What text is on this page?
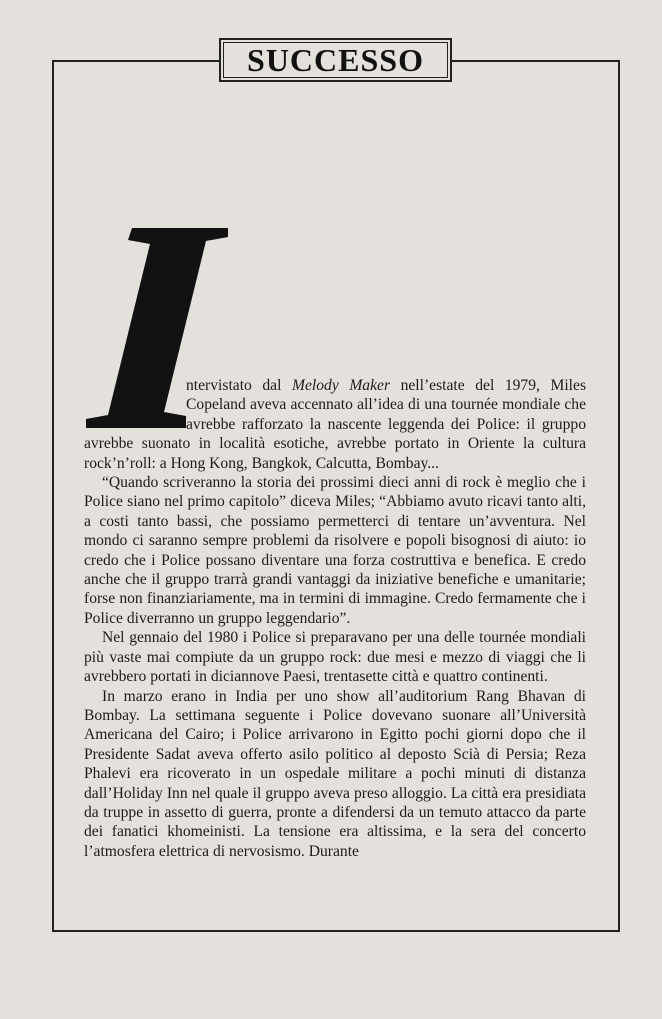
SUCCESSO

ntervistato dal Melody Maker nell’estate del 1979, Miles Copeland aveva accennato all’idea di una tournée mondiale che avrebbe rafforzato la nascente leggenda dei Police: il gruppo avrebbe suonato in località esotiche, avrebbe portato in Oriente la cultura rock’n’roll: a Hong Kong, Bangkok, Calcutta, Bombay...

“Quando scriveranno la storia dei prossimi dieci anni di rock è meglio che i Police siano nel primo capitolo” diceva Miles; “Abbiamo avuto ricavi tanto alti, a costi tanto bassi, che possiamo permetterci di tentare un’avventura. Nel mondo ci saranno sempre problemi da risolvere e popoli bisognosi di aiuto: io credo che i Police possano diventare una forza costruttiva e benefica. E credo anche che il gruppo trarrà grandi vantaggi da iniziative benefiche e umanitarie; forse non finanziariamente, ma in termini di immagine. Credo fermamente che i Police diverranno un gruppo leggendario”.

Nel gennaio del 1980 i Police si preparavano per una delle tournée mondiali più vaste mai compiute da un gruppo rock: due mesi e mezzo di viaggi che li avrebbero portati in diciannove Paesi, trentasette città e quattro continenti.

In marzo erano in India per uno show all’auditorium Rang Bhavan di Bombay. La settimana seguente i Police dovevano suonare all’Università Americana del Cairo; i Police arrivarono in Egitto pochi giorni dopo che il Presidente Sadat aveva offerto asilo politico al deposto Scià di Persia; Reza Phalevi era ricoverato in un ospedale militare a pochi minuti di distanza dall’Holiday Inn nel quale il gruppo aveva preso alloggio. La città era presidiata da truppe in assetto di guerra, pronte a difendersi da un temuto attacco da parte dei fanatici khomeinisti. La tensione era altissima, e la sera del concerto l’atmosfera elettrica di nervosismo. Durante
